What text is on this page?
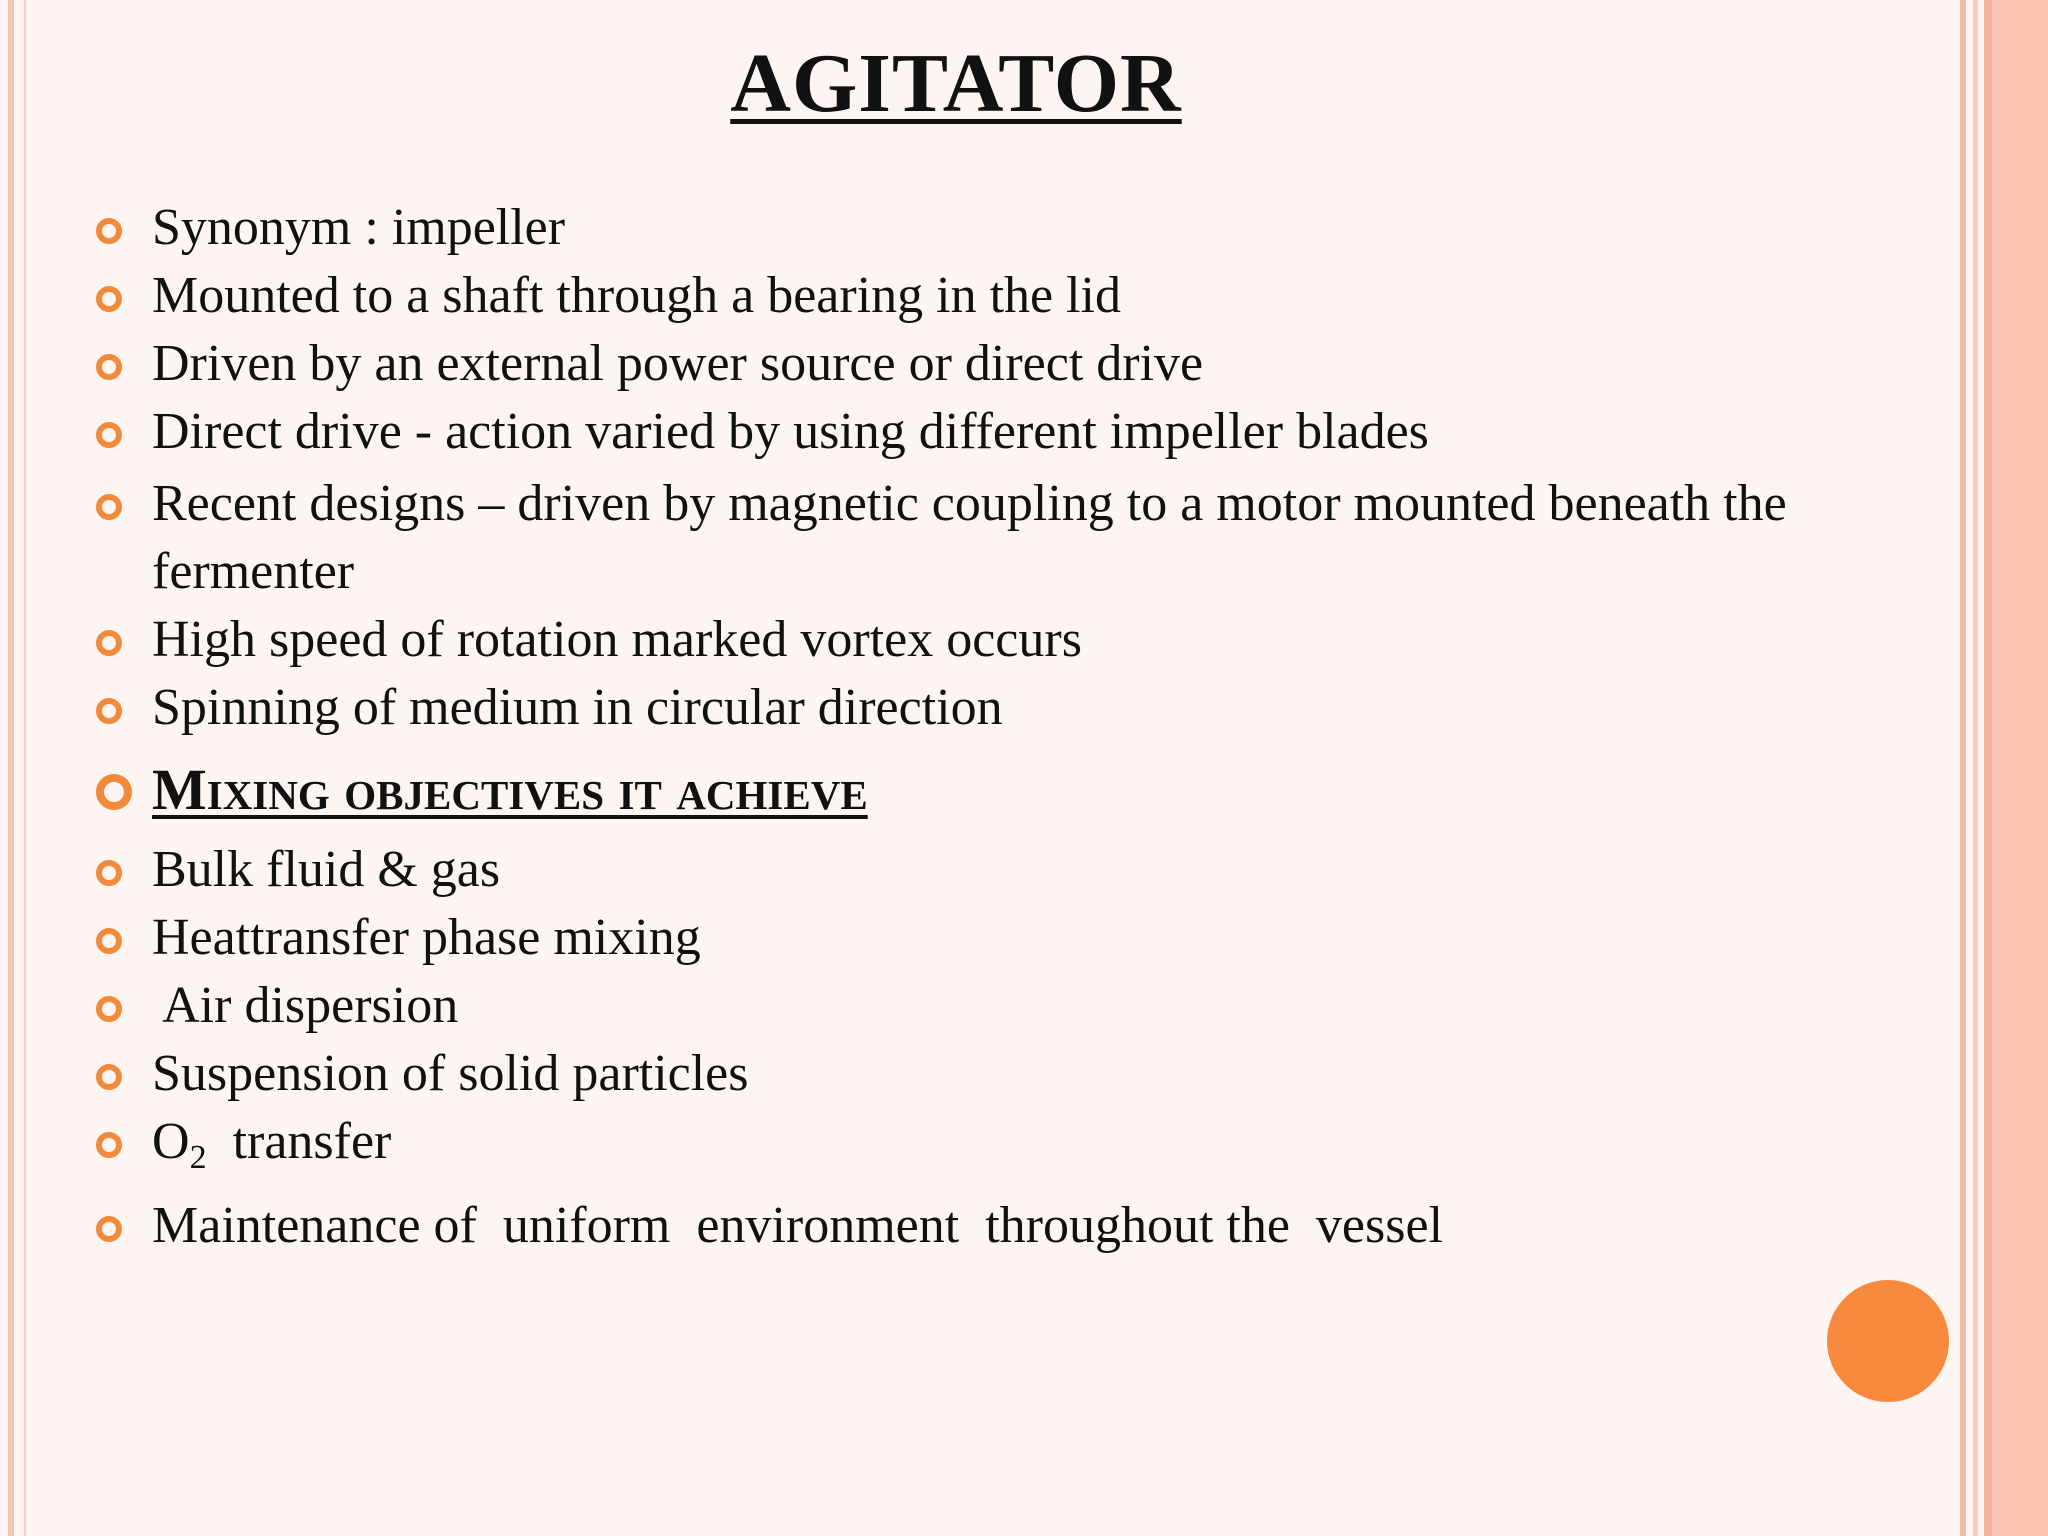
AGITATOR
Synonym : impeller
Mounted to a shaft through a bearing in the lid
Driven by an external power source or direct drive
Direct drive - action varied by using different impeller blades
Recent designs – driven by magnetic coupling to a motor mounted beneath the fermenter
High speed of rotation marked vortex occurs
Spinning of medium in circular direction
Mixing objectives it achieve
Bulk fluid & gas
Heattransfer phase mixing
Air dispersion
Suspension of solid particles
$O_2$  transfer
Maintenance of  uniform  environment  throughout the  vessel
